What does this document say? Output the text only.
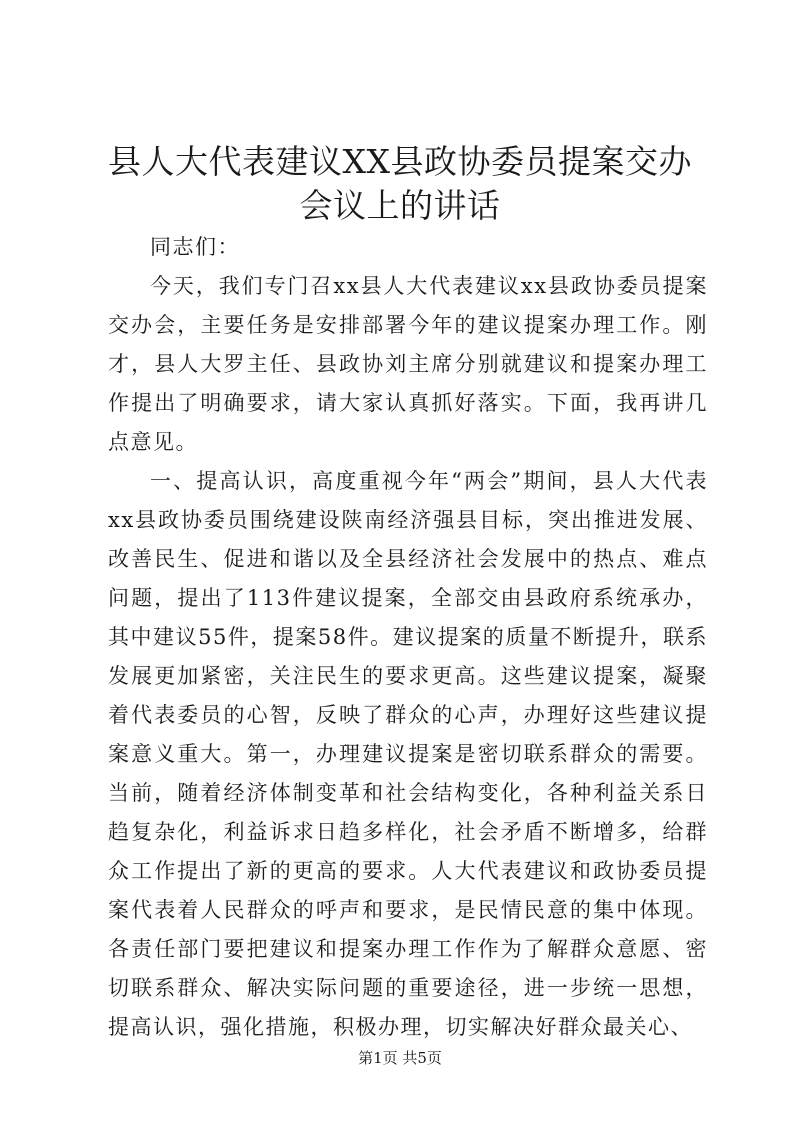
县人大代表建议XX县政协委员提案交办会议上的讲话

同志们：

今天，我们专门召xx县人大代表建议xx县政协委员提案交办会，主要任务是安排部署今年的建议提案办理工作。刚才，县人大罗主任、县政协刘主席分别就建议和提案办理工作提出了明确要求，请大家认真抓好落实。下面，我再讲几点意见。

一、提高认识，高度重视今年“两会”期间，县人大代表xx县政协委员围绕建设陕南经济强县目标，突出推进发展、改善民生、促进和谐以及全县经济社会发展中的热点、难点问题，提出了113件建议提案，全部交由县政府系统承办，其中建议55件，提案58件。建议提案的质量不断提升，联系发展更加紧密，关注民生的要求更高。这些建议提案，凝聚着代表委员的心智，反映了群众的心声，办理好这些建议提案意义重大。第一，办理建议提案是密切联系群众的需要。当前，随着经济体制变革和社会结构变化，各种利益关系日趋复杂化，利益诉求日趋多样化，社会矛盾不断增多，给群众工作提出了新的更高的要求。人大代表建议和政协委员提案代表着人民群众的呼声和要求，是民情民意的集中体现。各责任部门要把建议和提案办理工作作为了解群众意愿、密切联系群众、解决实际问题的重要途径，进一步统一思想，提高认识，强化措施，积极办理，切实解决好群众最关心、

第1页 共5页
